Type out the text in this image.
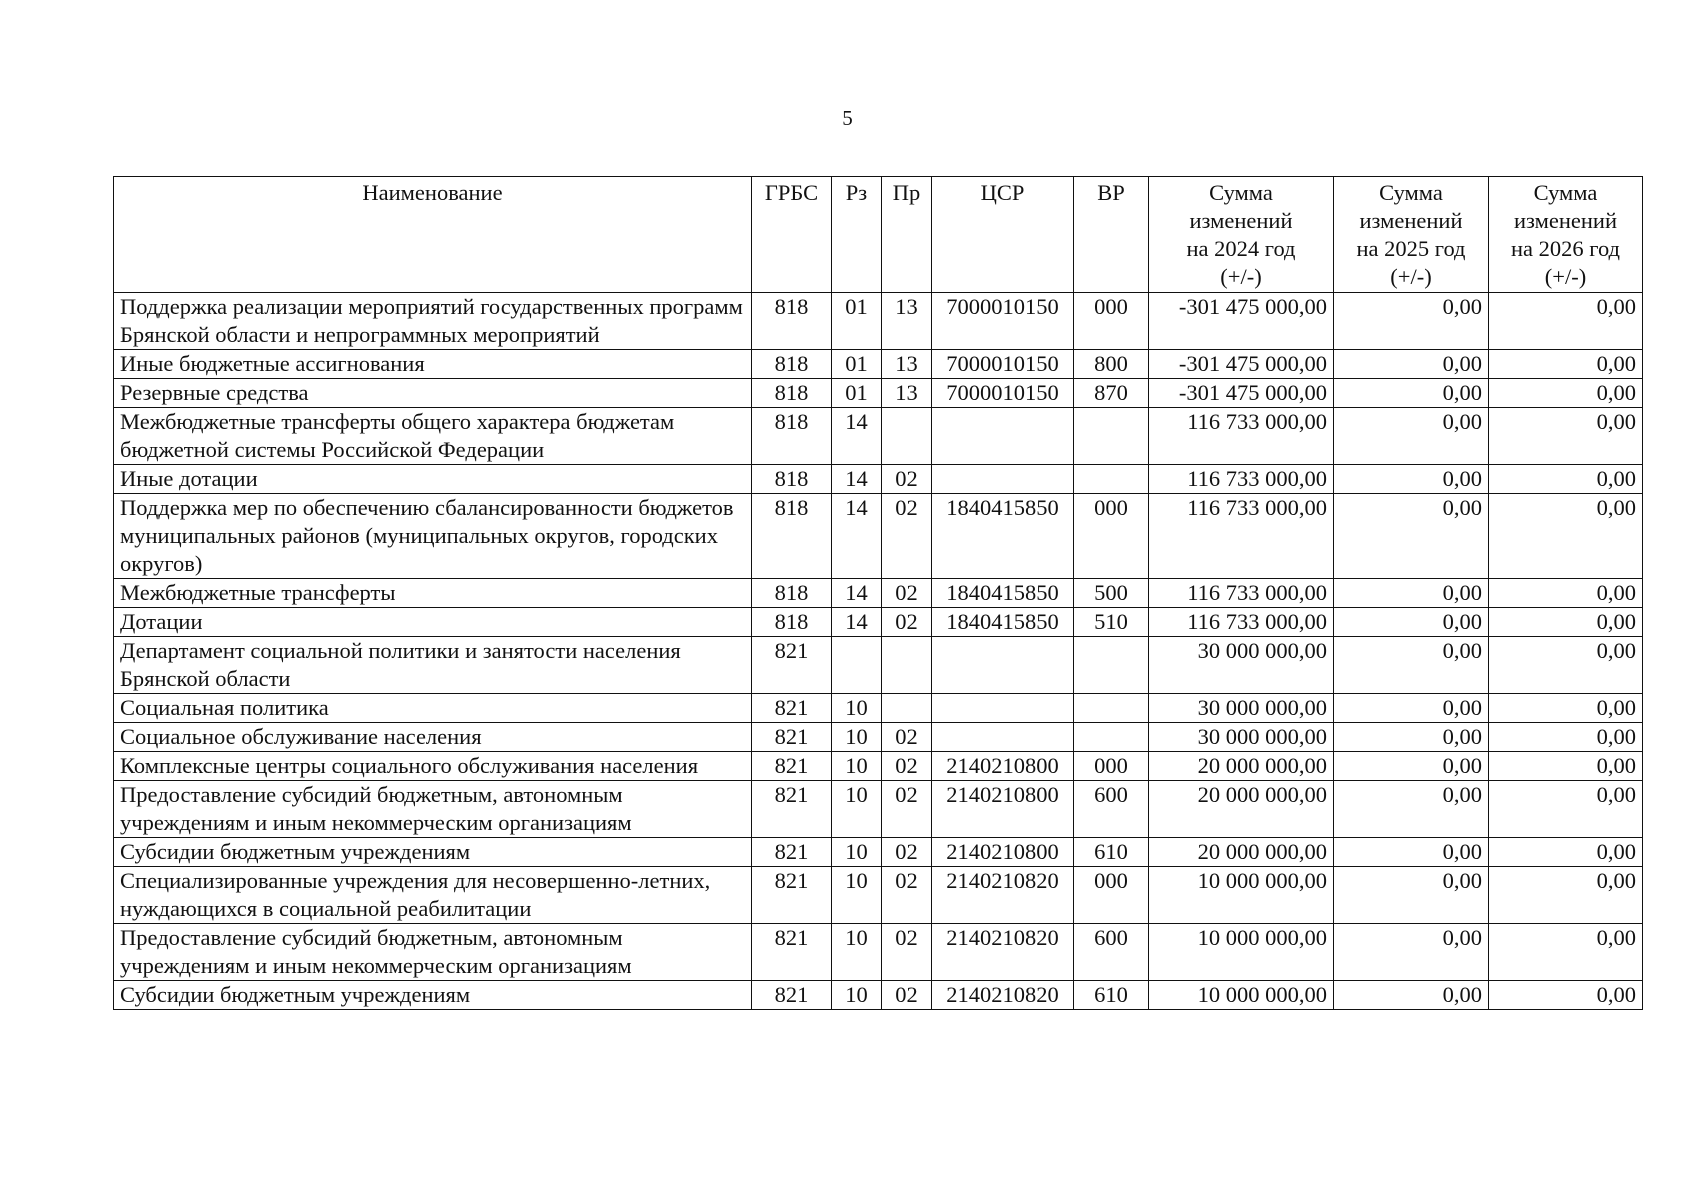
5
Наименование	ГРБС	Рз	Пр	ЦСР	ВР	Сумма
изменений
на 2024 год
(+/-)	Сумма
изменений
на 2025 год
(+/-)	Сумма
изменений
на 2026 год
(+/-)

Поддержка реализации мероприятий государственных программ Брянской области и непрограммных мероприятий	818	01	13	7000010150	000	-301 475 000,00	0,00	0,00
Иные бюджетные ассигнования	818	01	13	7000010150	800	-301 475 000,00	0,00	0,00
Резервные средства	818	01	13	7000010150	870	-301 475 000,00	0,00	0,00
Межбюджетные трансферты общего характера бюджетам бюджетной системы Российской Федерации	818	14				116 733 000,00	0,00	0,00
Иные дотации	818	14	02			116 733 000,00	0,00	0,00
Поддержка мер по обеспечению сбалансированности бюджетов муниципальных районов (муниципальных округов, городских округов)	818	14	02	1840415850	000	116 733 000,00	0,00	0,00
Межбюджетные трансферты	818	14	02	1840415850	500	116 733 000,00	0,00	0,00
Дотации	818	14	02	1840415850	510	116 733 000,00	0,00	0,00
Департамент социальной политики и занятости населения Брянской области	821					30 000 000,00	0,00	0,00
Социальная политика	821	10				30 000 000,00	0,00	0,00
Социальное обслуживание населения	821	10	02			30 000 000,00	0,00	0,00
Комплексные центры социального обслуживания населения	821	10	02	2140210800	000	20 000 000,00	0,00	0,00
Предоставление субсидий бюджетным, автономным учреждениям и иным некоммерческим организациям	821	10	02	2140210800	600	20 000 000,00	0,00	0,00
Субсидии бюджетным учреждениям	821	10	02	2140210800	610	20 000 000,00	0,00	0,00
Специализированные учреждения для несовершенно-летних, нуждающихся в социальной реабилитации	821	10	02	2140210820	000	10 000 000,00	0,00	0,00
Предоставление субсидий бюджетным, автономным учреждениям и иным некоммерческим организациям	821	10	02	2140210820	600	10 000 000,00	0,00	0,00
Субсидии бюджетным учреждениям	821	10	02	2140210820	610	10 000 000,00	0,00	0,00
